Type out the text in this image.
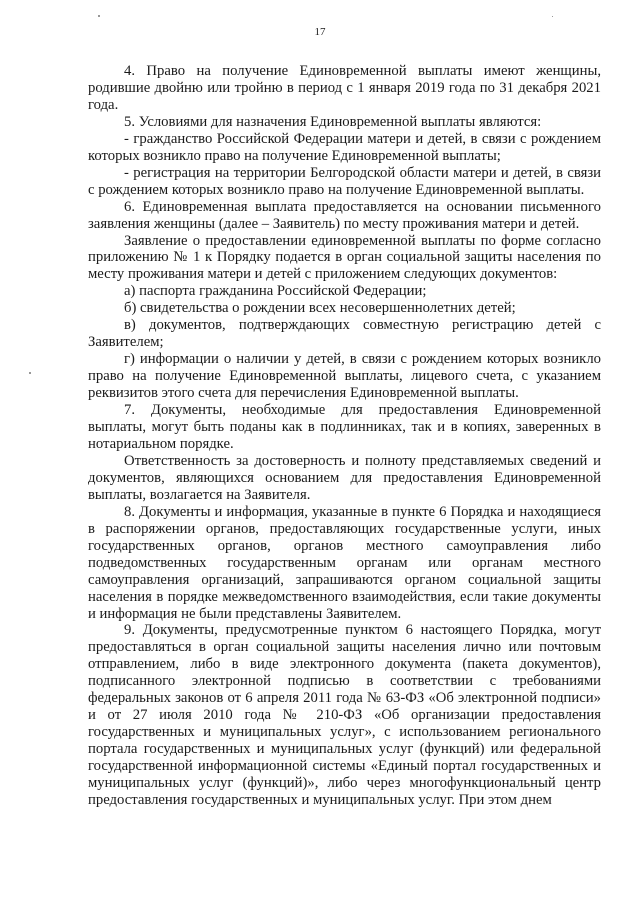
17

4. Право на получение Единовременной выплаты имеют женщины, родившие двойню или тройню в период с 1 января 2019 года по 31 декабря 2021 года.

5. Условиями для назначения Единовременной выплаты являются:

- гражданство Российской Федерации матери и детей, в связи с рождением которых возникло право на получение Единовременной выплаты;

- регистрация на территории Белгородской области матери и детей, в связи с рождением которых возникло право на получение Единовременной выплаты.

6. Единовременная выплата предоставляется на основании письменного заявления женщины (далее – Заявитель) по месту проживания матери и детей.

Заявление о предоставлении единовременной выплаты по форме согласно приложению № 1 к Порядку подается в орган социальной защиты населения по месту проживания матери и детей с приложением следующих документов:

а) паспорта гражданина Российской Федерации;

б) свидетельства о рождении всех несовершеннолетних детей;

в) документов, подтверждающих совместную регистрацию детей с Заявителем;

г) информации о наличии у детей, в связи с рождением которых возникло право на получение Единовременной выплаты, лицевого счета, с указанием реквизитов этого счета для перечисления Единовременной выплаты.

7. Документы, необходимые для предоставления Единовременной выплаты, могут быть поданы как в подлинниках, так и в копиях, заверенных в нотариальном порядке.

Ответственность за достоверность и полноту представляемых сведений и документов, являющихся основанием для предоставления Единовременной выплаты, возлагается на Заявителя.

8. Документы и информация, указанные в пункте 6 Порядка и находящиеся в распоряжении органов, предоставляющих государственные услуги, иных государственных органов, органов местного самоуправления либо подведомственных государственным органам или органам местного самоуправления организаций, запрашиваются органом социальной защиты населения в порядке межведомственного взаимодействия, если такие документы и информация не были представлены Заявителем.

9. Документы, предусмотренные пунктом 6 настоящего Порядка, могут предоставляться в орган социальной защиты населения лично или почтовым отправлением, либо в виде электронного документа (пакета документов), подписанного электронной подписью в соответствии с требованиями федеральных законов от 6 апреля 2011 года № 63-ФЗ «Об электронной подписи» и от 27 июля 2010 года № 210-ФЗ «Об организации предоставления государственных и муниципальных услуг», с использованием регионального портала государственных и муниципальных услуг (функций) или федеральной государственной информационной системы «Единый портал государственных и муниципальных услуг (функций)», либо через многофункциональный центр предоставления государственных и муниципальных услуг. При этом днем
